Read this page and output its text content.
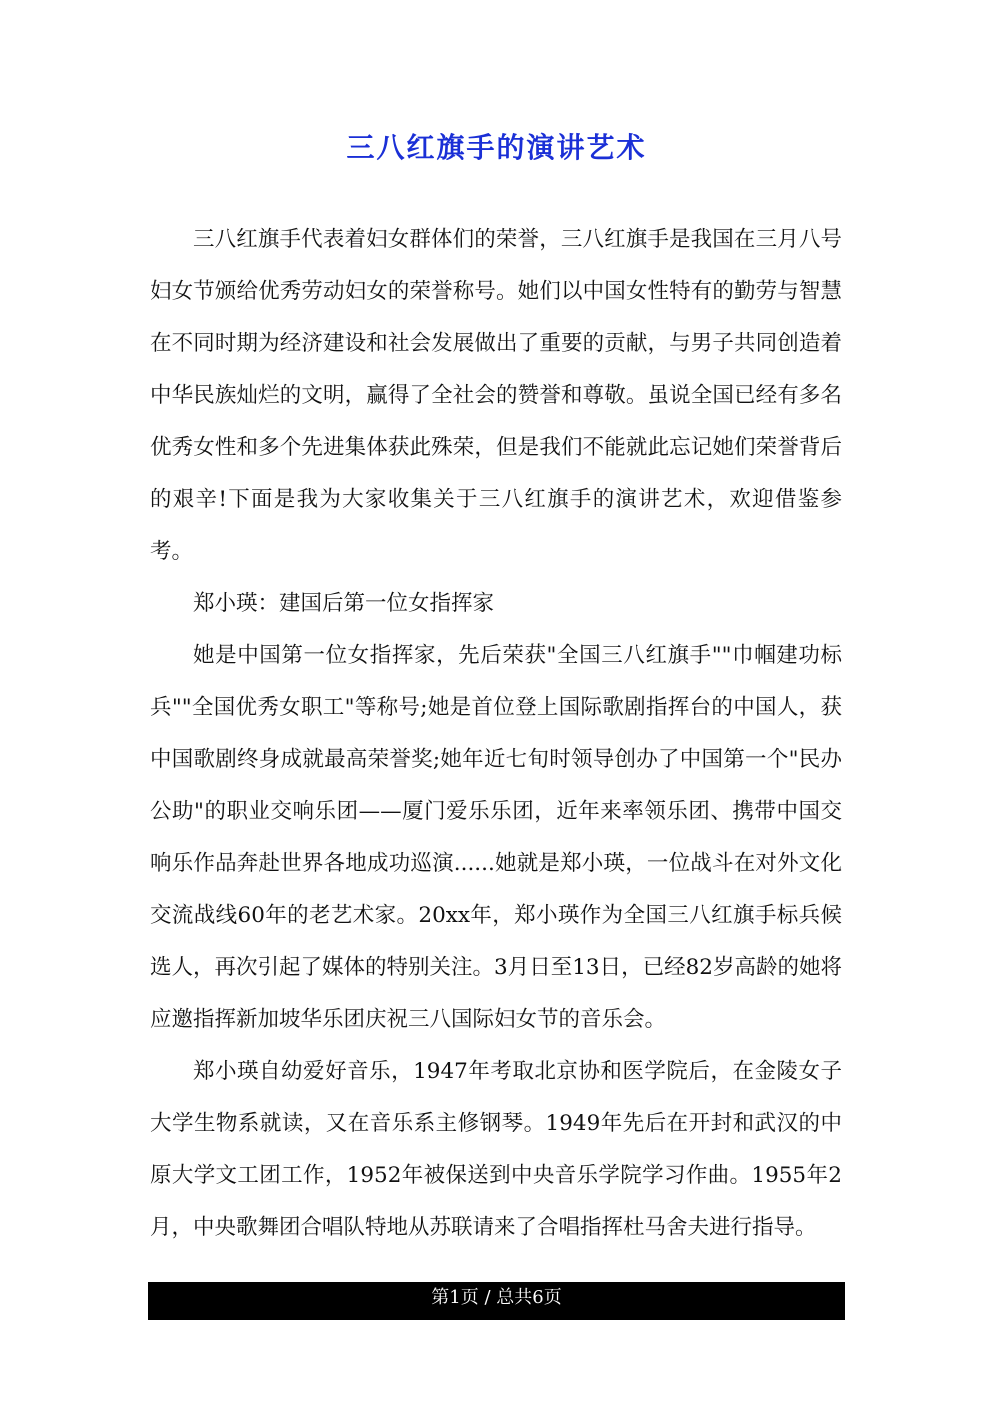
三八红旗手的演讲艺术

三八红旗手代表着妇女群体们的荣誉，三八红旗手是我国在三月八号妇女节颁给优秀劳动妇女的荣誉称号。她们以中国女性特有的勤劳与智慧在不同时期为经济建设和社会发展做出了重要的贡献，与男子共同创造着中华民族灿烂的文明，赢得了全社会的赞誉和尊敬。虽说全国已经有多名优秀女性和多个先进集体获此殊荣，但是我们不能就此忘记她们荣誉背后的艰辛!下面是我为大家收集关于三八红旗手的演讲艺术，欢迎借鉴参考。

郑小瑛：建国后第一位女指挥家

她是中国第一位女指挥家，先后荣获"全国三八红旗手""巾帼建功标兵""全国优秀女职工"等称号;她是首位登上国际歌剧指挥台的中国人，获中国歌剧终身成就最高荣誉奖;她年近七旬时领导创办了中国第一个"民办公助"的职业交响乐团——厦门爱乐乐团，近年来率领乐团、携带中国交响乐作品奔赴世界各地成功巡演......她就是郑小瑛，一位战斗在对外文化交流战线60年的老艺术家。20xx年，郑小瑛作为全国三八红旗手标兵候选人，再次引起了媒体的特别关注。3月日至13日，已经82岁高龄的她将应邀指挥新加坡华乐团庆祝三八国际妇女节的音乐会。

郑小瑛自幼爱好音乐，1947年考取北京协和医学院后，在金陵女子大学生物系就读，又在音乐系主修钢琴。1949年先后在开封和武汉的中原大学文工团工作，1952年被保送到中央音乐学院学习作曲。1955年2月，中央歌舞团合唱队特地从苏联请来了合唱指挥杜马舍夫进行指导。

第1页 / 总共6页
